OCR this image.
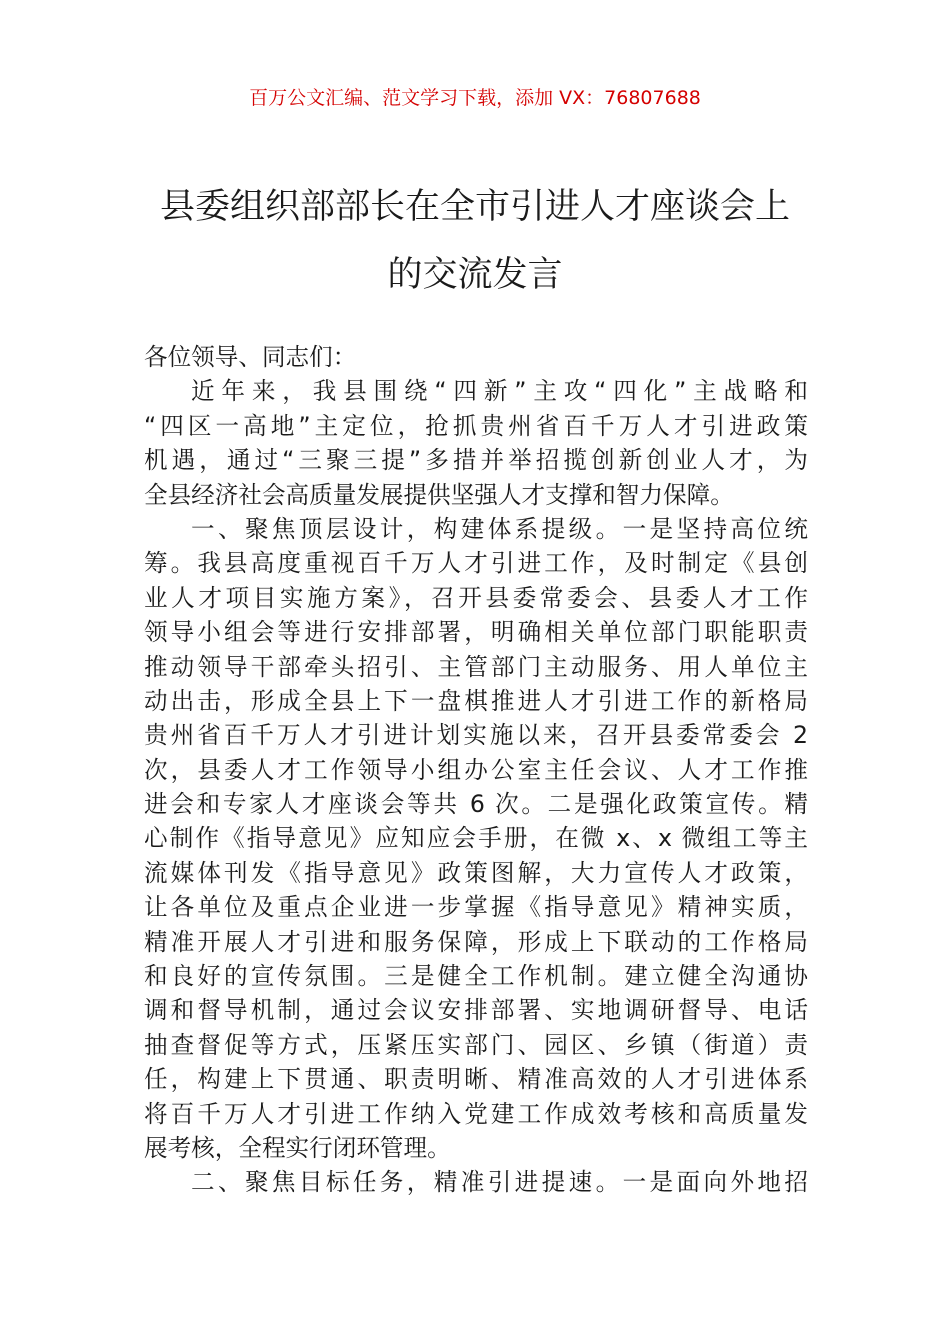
百万公文汇编、范文学习下载，添加 VX：76807688
县委组织部部长在全市引进人才座谈会上
的交流发言
各位领导、同志们：
近年来，我县围绕“四新”主攻“四化”主战略和
“四区一高地”主定位，抢抓贵州省百千万人才引进政策
机遇，通过“三聚三提”多措并举招揽创新创业人才，为
全县经济社会高质量发展提供坚强人才支撑和智力保障。
一、聚焦顶层设计，构建体系提级。一是坚持高位统
筹。我县高度重视百千万人才引进工作，及时制定《县创
业人才项目实施方案》，召开县委常委会、县委人才工作
领导小组会等进行安排部署，明确相关单位部门职能职责
推动领导干部牵头招引、主管部门主动服务、用人单位主
动出击，形成全县上下一盘棋推进人才引进工作的新格局
贵州省百千万人才引进计划实施以来，召开县委常委会 2
次，县委人才工作领导小组办公室主任会议、人才工作推
进会和专家人才座谈会等共 6 次。二是强化政策宣传。精
心制作《指导意见》应知应会手册，在微 x、x 微组工等主
流媒体刊发《指导意见》政策图解，大力宣传人才政策，
让各单位及重点企业进一步掌握《指导意见》精神实质，
精准开展人才引进和服务保障，形成上下联动的工作格局
和良好的宣传氛围。三是健全工作机制。建立健全沟通协
调和督导机制，通过会议安排部署、实地调研督导、电话
抽查督促等方式，压紧压实部门、园区、乡镇（街道）责
任，构建上下贯通、职责明晰、精准高效的人才引进体系
将百千万人才引进工作纳入党建工作成效考核和高质量发
展考核，全程实行闭环管理。
二、聚焦目标任务，精准引进提速。一是面向外地招
